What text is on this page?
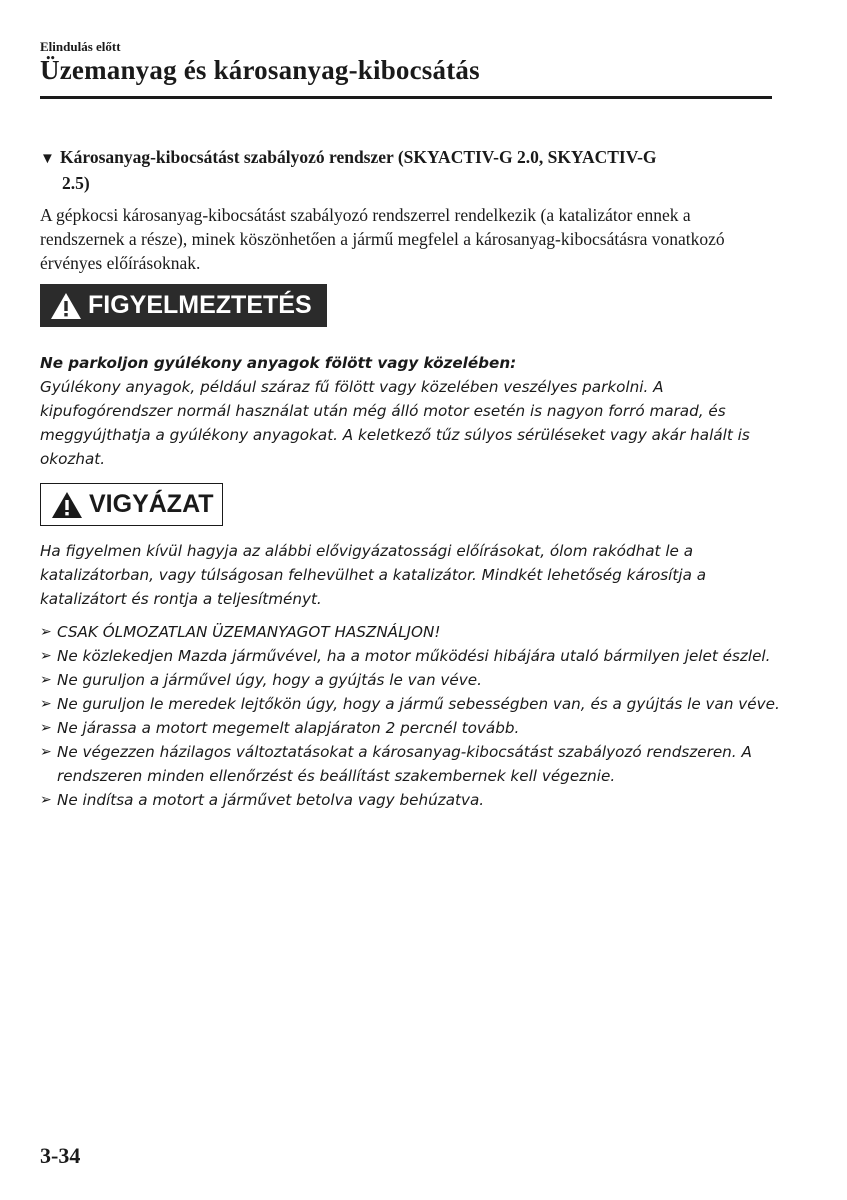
Elindulás előtt
Üzemanyag és károsanyag-kibocsátás
▼ Károsanyag-kibocsátást szabályozó rendszer (SKYACTIV-G 2.0, SKYACTIV-G
2.5)
A gépkocsi károsanyag-kibocsátást szabályozó rendszerrel rendelkezik (a katalizátor ennek a rendszernek a része), minek köszönhetően a jármű megfelel a károsanyag-kibocsátásra vonatkozó érvényes előírásoknak.
FIGYELMEZTETÉS
Ne parkoljon gyúlékony anyagok fölött vagy közelében:
Gyúlékony anyagok, például száraz fű fölött vagy közelében veszélyes parkolni. A kipufogórendszer normál használat után még álló motor esetén is nagyon forró marad, és meggyújthatja a gyúlékony anyagokat. A keletkező tűz súlyos sérüléseket vagy akár halált is okozhat.
VIGYÁZAT
Ha figyelmen kívül hagyja az alábbi elővigyázatossági előírásokat, ólom rakódhat le a katalizátorban, vagy túlságosan felhevülhet a katalizátor. Mindkét lehetőség károsítja a katalizátort és rontja a teljesítményt.
➢ CSAK ÓLMOZATLAN ÜZEMANYAGOT HASZNÁLJON!
➢ Ne közlekedjen Mazda járművével, ha a motor működési hibájára utaló bármilyen jelet észlel.
➢ Ne guruljon a járművel úgy, hogy a gyújtás le van véve.
➢ Ne guruljon le meredek lejtőkön úgy, hogy a jármű sebességben van, és a gyújtás le van véve.
➢ Ne járassa a motort megemelt alapjáraton 2 percnél tovább.
➢ Ne végezzen házilagos változtatásokat a károsanyag-kibocsátást szabályozó rendszeren. A rendszeren minden ellenőrzést és beállítást szakembernek kell végeznie.
➢ Ne indítsa a motort a járművet betolva vagy behúzatva.
3-34
